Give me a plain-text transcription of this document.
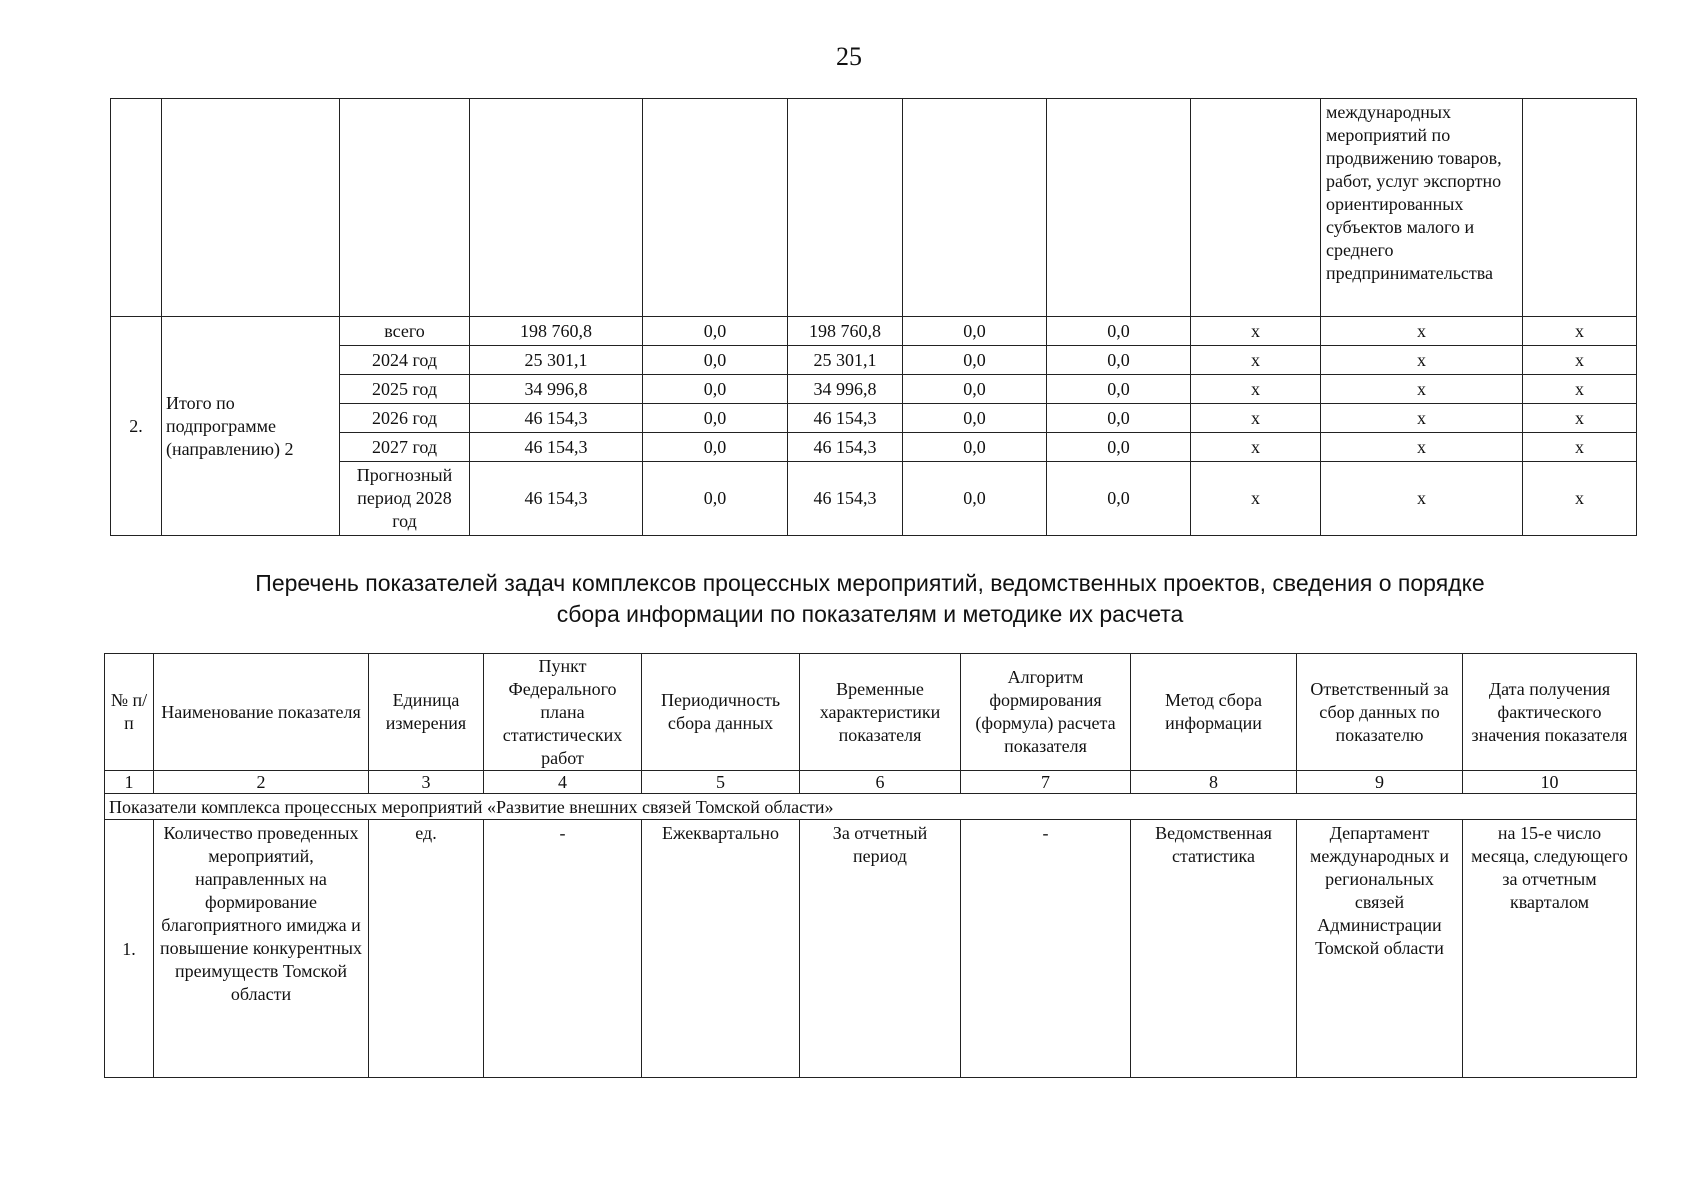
25
									международных мероприятий по продвижению товаров, работ, услуг экспортно ориентированных субъектов малого и среднего предпринимательства	
2.	Итого по подпрограмме (направлению) 2	всего	198 760,8	0,0	198 760,8	0,0	0,0	x	x	x
		2024 год	25 301,1	0,0	25 301,1	0,0	0,0	x	x	x
		2025 год	34 996,8	0,0	34 996,8	0,0	0,0	x	x	x
		2026 год	46 154,3	0,0	46 154,3	0,0	0,0	x	x	x
		2027 год	46 154,3	0,0	46 154,3	0,0	0,0	x	x	x
		Прогнозный период 2028 год	46 154,3	0,0	46 154,3	0,0	0,0	x	x	x
Перечень показателей задач комплексов процессных мероприятий, ведомственных проектов, сведения о порядке
сбора информации по показателям и методике их расчета
№ п/п	Наименование показателя	Единица измерения	Пункт Федерального плана статистических работ	Периодичность сбора данных	Временные характеристики показателя	Алгоритм формирования (формула) расчета показателя	Метод сбора информации	Ответственный за сбор данных по показателю	Дата получения фактического значения показателя
1	2	3	4	5	6	7	8	9	10
Показатели комплекса процессных мероприятий «Развитие внешних связей Томской области»									
1.	Количество проведенных мероприятий, направленных на формирование благоприятного имиджа и повышение конкурентных преимуществ Томской области	ед.	-	Ежеквартально	За отчетный период	-	Ведомственная статистика	Департамент международных и региональных связей Администрации Томской области	на 15-е число месяца, следующего за отчетным кварталом
